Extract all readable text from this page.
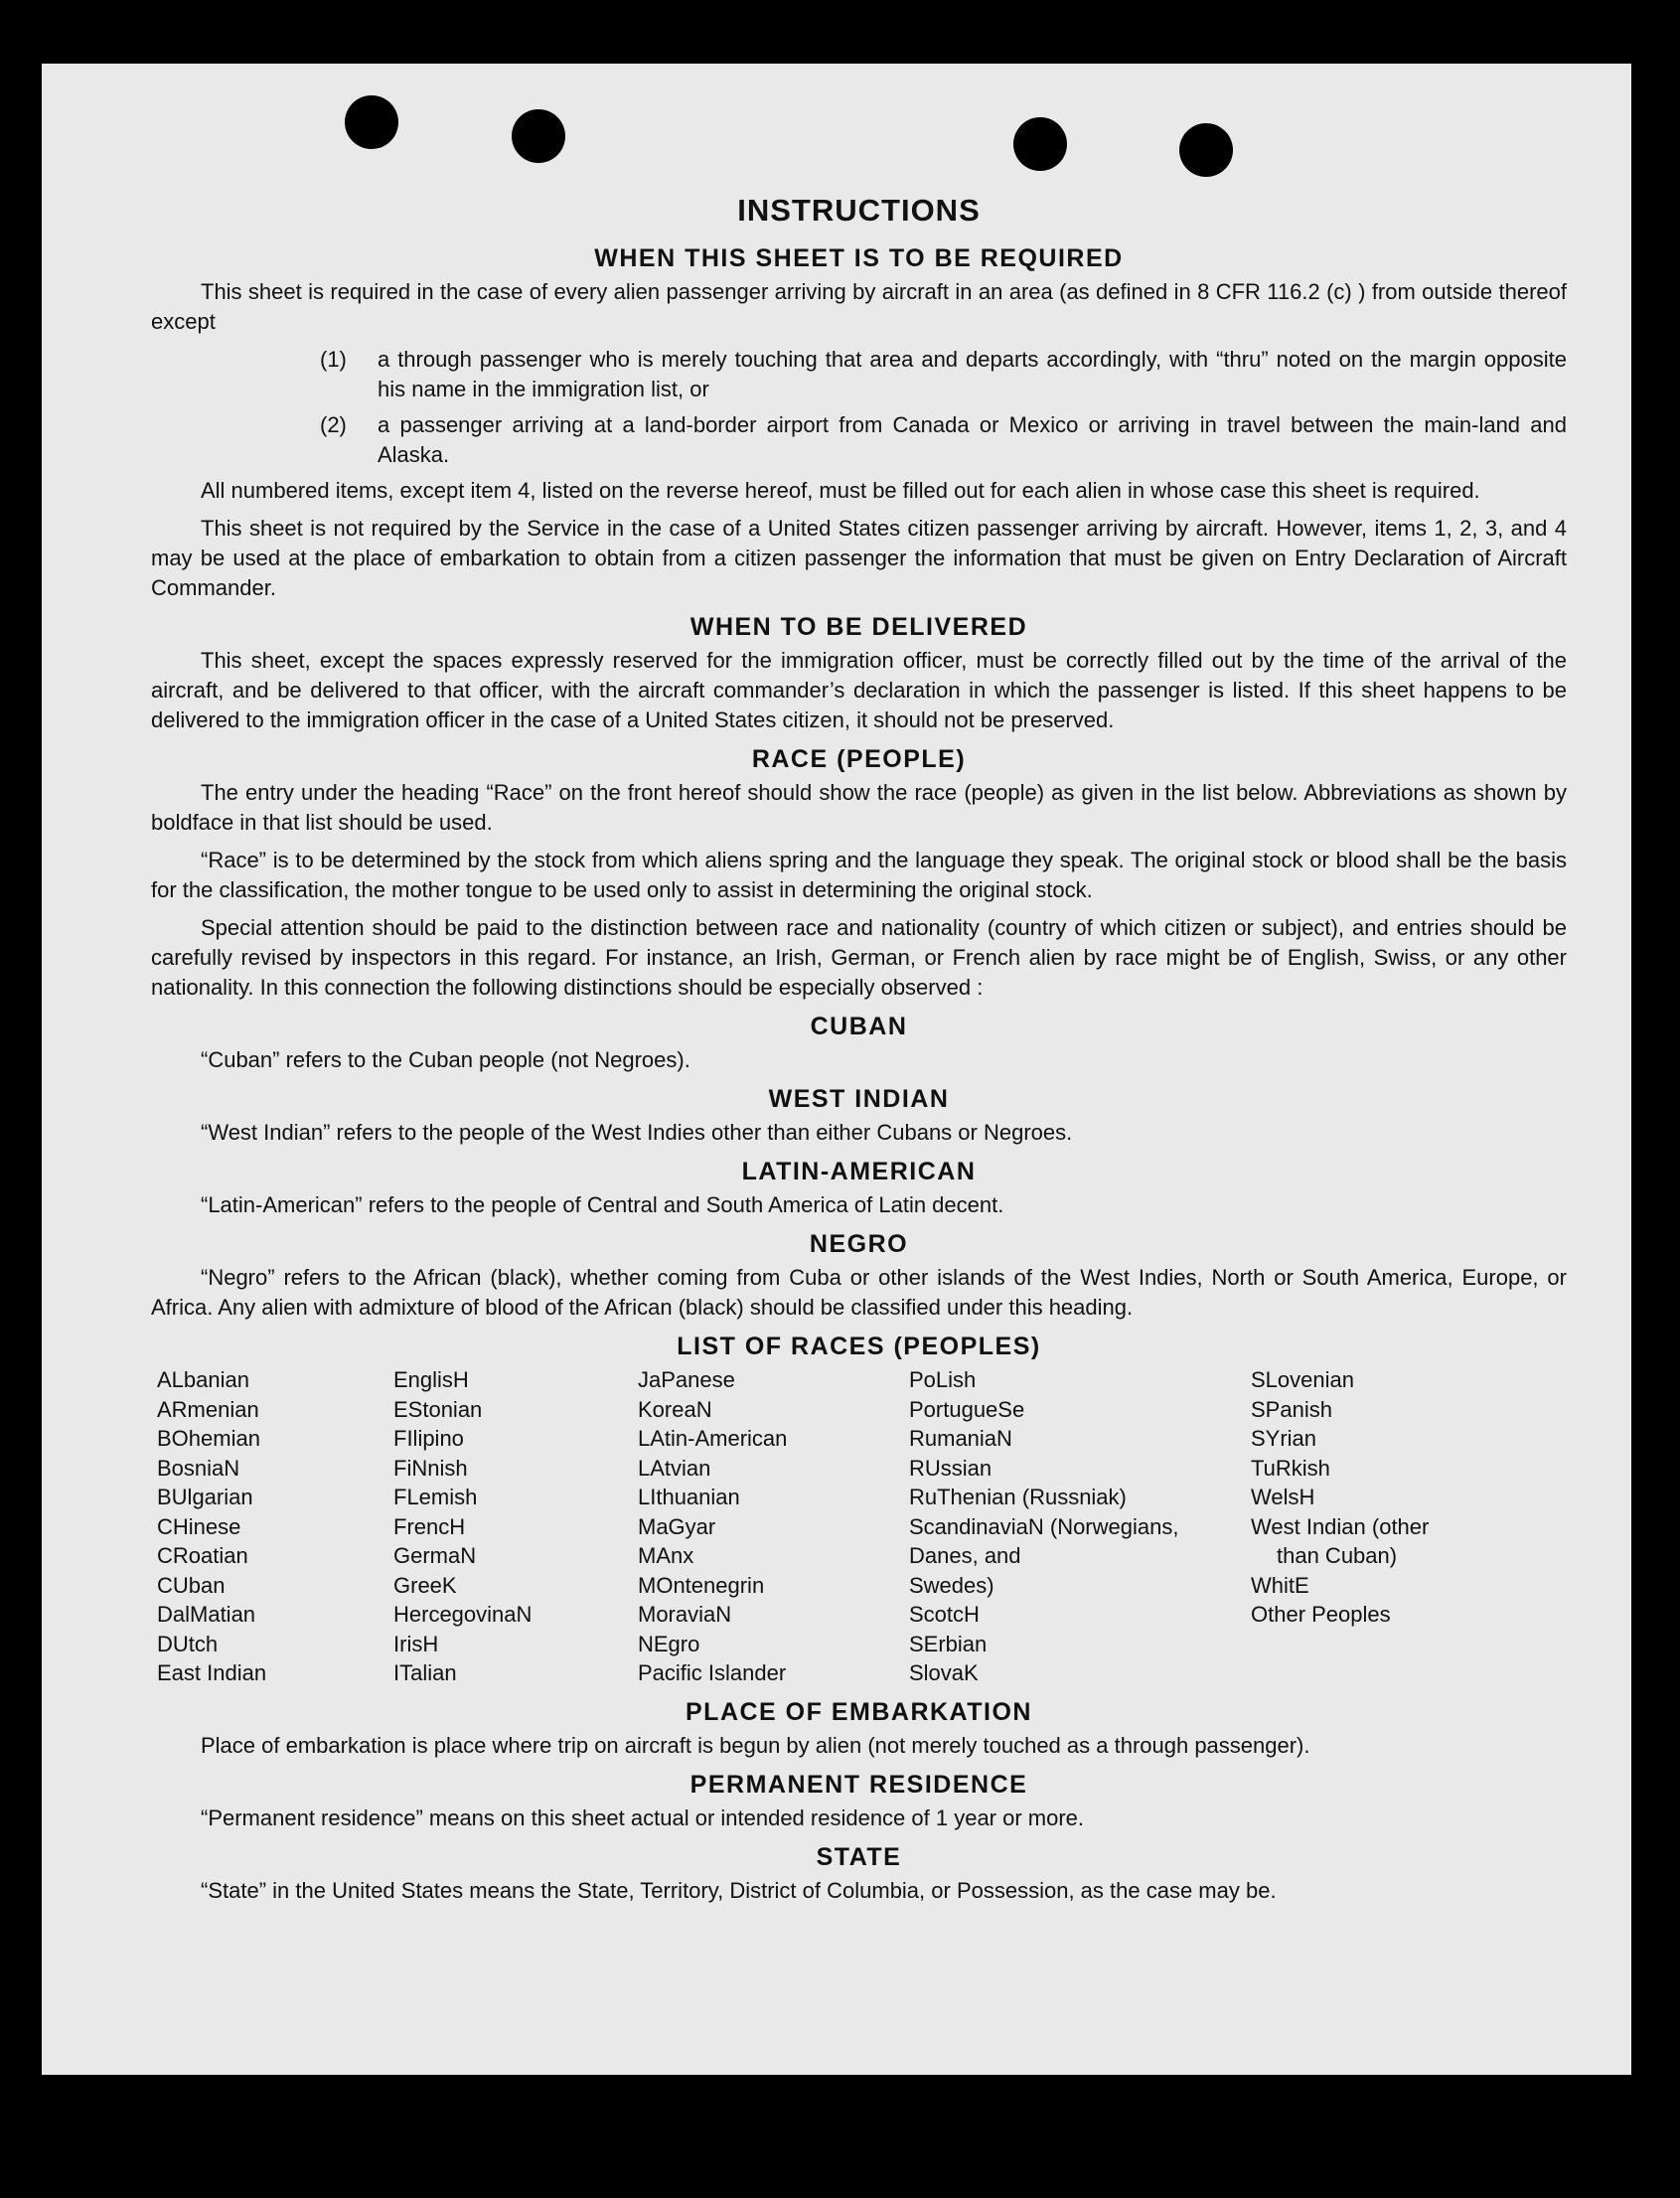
INSTRUCTIONS
WHEN THIS SHEET IS TO BE REQUIRED

This sheet is required in the case of every alien passenger arriving by aircraft in an area (as defined in 8 CFR 116.2 (c) ) from outside thereof except

(1)	a through passenger who is merely touching that area and departs accordingly, with “thru” noted on the margin opposite his name in the immigration list, or
(2)	a passenger arriving at a land-border airport from Canada or Mexico or arriving in travel between the main-land and Alaska.

All numbered items, except item 4, listed on the reverse hereof, must be filled out for each alien in whose case this sheet is required.

This sheet is not required by the Service in the case of a United States citizen passenger arriving by aircraft. However, items 1, 2, 3, and 4 may be used at the place of embarkation to obtain from a citizen passenger the information that must be given on Entry Declaration of Aircraft Commander.

WHEN TO BE DELIVERED

This sheet, except the spaces expressly reserved for the immigration officer, must be correctly filled out by the time of the arrival of the aircraft, and be delivered to that officer, with the aircraft commander’s declaration in which the passenger is listed. If this sheet happens to be delivered to the immigration officer in the case of a United States citizen, it should not be preserved.

RACE (PEOPLE)

The entry under the heading “Race” on the front hereof should show the race (people) as given in the list below. Abbreviations as shown by boldface in that list should be used.

“Race” is to be determined by the stock from which aliens spring and the language they speak. The original stock or blood shall be the basis for the classification, the mother tongue to be used only to assist in determining the original stock.

Special attention should be paid to the distinction between race and nationality (country of which citizen or subject), and entries should be carefully revised by inspectors in this regard. For instance, an Irish, German, or French alien by race might be of English, Swiss, or any other nationality. In this connection the following distinctions should be especially observed :

CUBAN

“Cuban” refers to the Cuban people (not Negroes).

WEST INDIAN

“West Indian” refers to the people of the West Indies other than either Cubans or Negroes.

LATIN-AMERICAN

“Latin-American” refers to the people of Central and South America of Latin decent.

NEGRO

“Negro” refers to the African (black), whether coming from Cuba or other islands of the West Indies, North or South America, Europe, or Africa. Any alien with admixture of blood of the African (black) should be classified under this heading.

LIST OF RACES (PEOPLES)
ALbanian
ARmenian
BOhemian
BosniaN
BUlgarian
CHinese
CRoatian
CUban
DalMatian
DUtch
East Indian
EnglisH
EStonian
FIlipino
FiNnish
FLemish
FrencH
GermaN
GreeK
HercegovinaN
IrisH
ITalian
JaPanese
KoreaN
LAtin-American
LAtvian
LIthuanian
MaGyar
MAnx
MOntenegrin
MoraviaN
NEgro
Pacific Islander
PoLish
PortugueSe
RumaniaN
RUssian
RuThenian (Russniak)
ScandinaviaN (Norwegians,
Danes, and
Swedes)
ScotcH
SErbian
SlovaK
SLovenian
SPanish
SYrian
TuRkish
WelsH
West Indian (other
than Cuban)
WhitE
Other Peoples
PLACE OF EMBARKATION

Place of embarkation is place where trip on aircraft is begun by alien (not merely touched as a through passenger).

PERMANENT RESIDENCE

“Permanent residence” means on this sheet actual or intended residence of 1 year or more.

STATE

“State” in the United States means the State, Territory, District of Columbia, or Possession, as the case may be.
